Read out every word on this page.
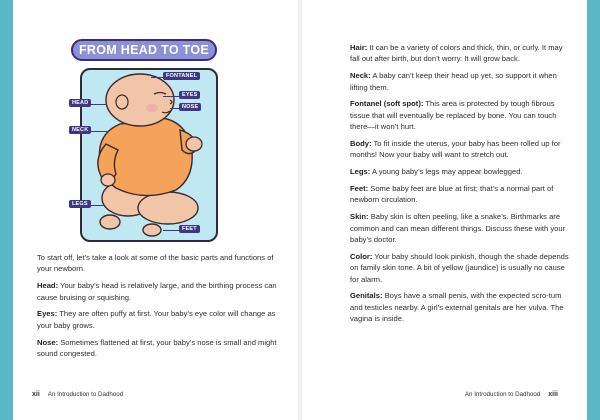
FROM HEAD TO TOE
FONTANEL
EYES
NOSE
HEAD
NECK
LEGS
FEET

To start off, let’s take a look at some of the basic parts and functions of your newborn.

Head: Your baby’s head is relatively large, and the birthing process can cause bruising or squishing.

Eyes: They are often puffy at first. Your baby’s eye color will change as your baby grows.

Nose: Sometimes flattened at first, your baby’s nose is small and might sound congested.

xii An Introduction to Dadhood

Hair: It can be a variety of colors and thick, thin, or curly. It may fall out after birth, but don’t worry. It will grow back.

Neck: A baby can’t keep their head up yet, so support it when lifting them.

Fontanel (soft spot): This area is protected by tough fibrous tissue that will eventually be replaced by bone. You can touch there—it won’t hurt.

Body: To fit inside the uterus, your baby has been rolled up for months! Now your baby will want to stretch out.

Legs: A young baby’s legs may appear bowlegged.

Feet: Some baby feet are blue at first; that’s a normal part of newborn circulation.

Skin: Baby skin is often peeling, like a snake’s. Birthmarks are common and can mean different things. Discuss these with your baby’s doctor.

Color: Your baby should look pinkish, though the shade depends on family skin tone. A bit of yellow (jaundice) is usually no cause for alarm.

Genitals: Boys have a small penis, with the expected scro-tum and testicles nearby. A girl’s external genitals are her vulva. The vagina is inside.

An Introduction to Dadhood xiii
